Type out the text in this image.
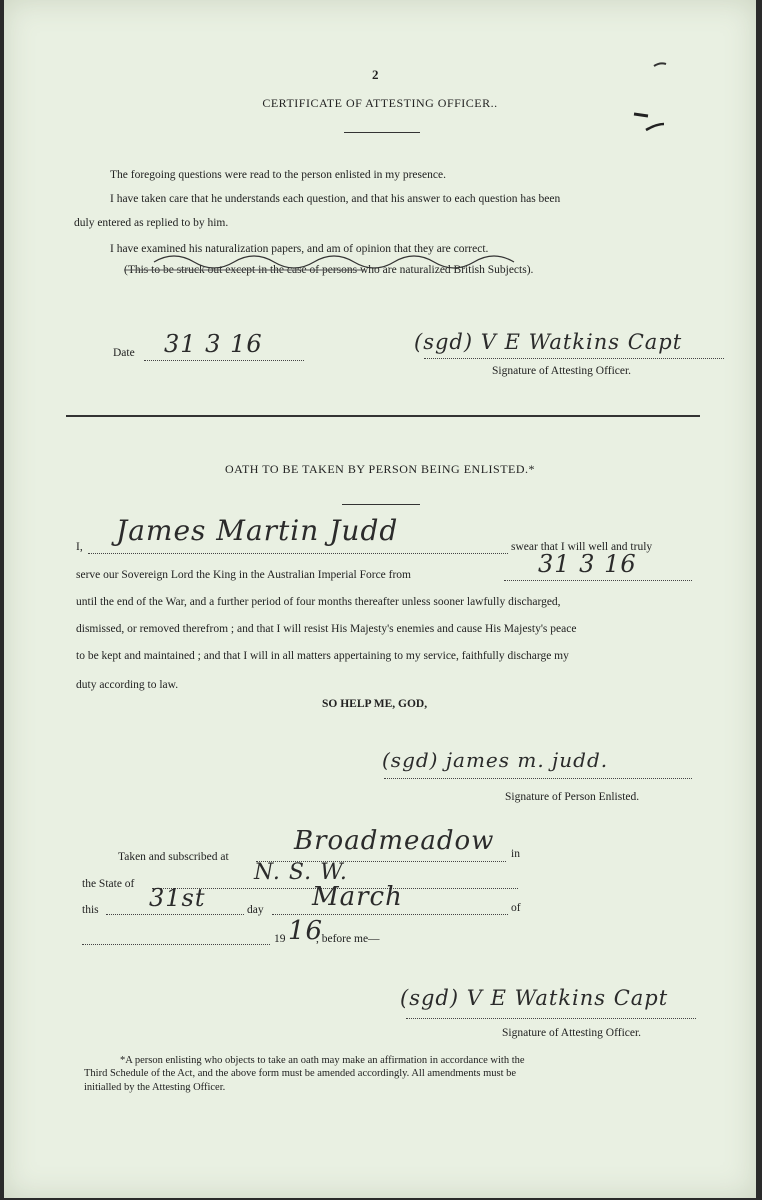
2
CERTIFICATE OF ATTESTING OFFICER..
The foregoing questions were read to the person enlisted in my presence.
I have taken care that he understands each question, and that his answer to each question has been
duly entered as replied to by him.
I have examined his naturalization papers, and am of opinion that they are correct.
(This to be struck out except in the case of persons who are naturalized British Subjects).
Date 31 3 16	(sgd) V E Watkins Capt
Signature of Attesting Officer.
OATH TO BE TAKEN BY PERSON BEING ENLISTED.*
I, James Martin Judd	swear that I will well and truly
serve our Sovereign Lord the King in the Australian Imperial Force from	31 3 16
until the end of the War, and a further period of four months thereafter unless sooner lawfully discharged,
dismissed, or removed therefrom ; and that I will resist His Majesty's enemies and cause His Majesty's peace
to be kept and maintained ; and that I will in all matters appertaining to my service, faithfully discharge my
duty according to law.
SO HELP ME, GOD,
(sgd) james m. judd.
Signature of Person Enlisted.
Taken and subscribed at
Broadmeadow in
the State of	N. S. W.
this 31st	day March	of
19 16
, before me—
(sgd) V E Watkins Capt
Signature of Attesting Officer.
*A person enlisting who objects to take an oath may make an affirmation in accordance with the
Third Schedule of the Act, and the above form must be amended accordingly. All amendments must be
initialled by the Attesting Officer.
